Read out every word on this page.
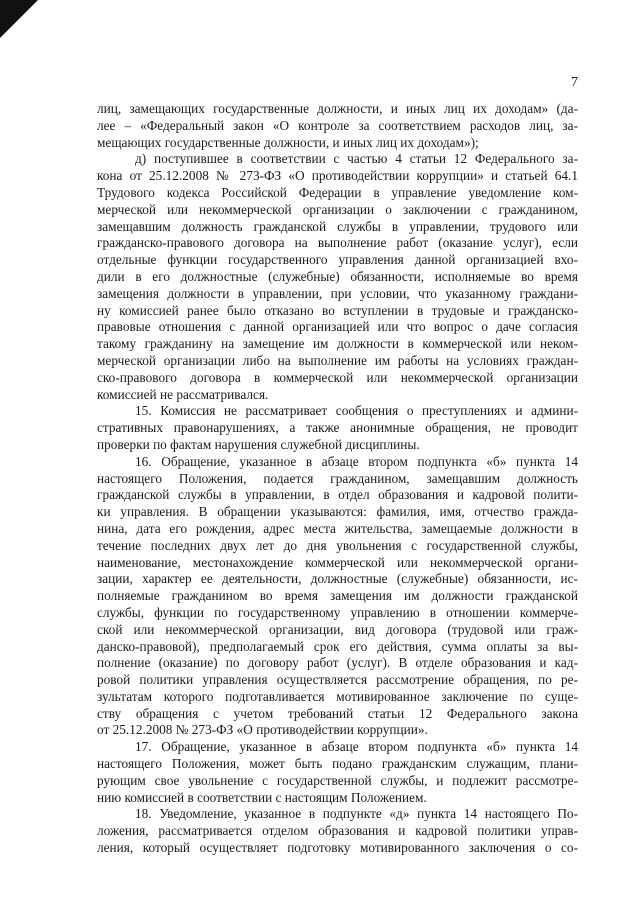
7
лиц, замещающих государственные должности, и иных лиц их доходам» (да-
лее – «Федеральный закон «О контроле за соответствием расходов лиц, за-
мещающих государственные должности, и иных лиц их доходам»);
д) поступившее в соответствии с частью 4 статьи 12 Федерального за-
кона от 25.12.2008 № 273-ФЗ «О противодействии коррупции» и статьей 64.1
Трудового кодекса Российской Федерации в управление уведомление ком-
мерческой или некоммерческой организации о заключении с гражданином,
замещавшим должность гражданской службы в управлении, трудового или
гражданско-правового договора на выполнение работ (оказание услуг), если
отдельные функции государственного управления данной организацией вхо-
дили в его должностные (служебные) обязанности, исполняемые во время
замещения должности в управлении, при условии, что указанному граждани-
ну комиссией ранее было отказано во вступлении в трудовые и гражданско-
правовые отношения с данной организацией или что вопрос о даче согласия
такому гражданину на замещение им должности в коммерческой или неком-
мерческой организации либо на выполнение им работы на условиях граждан-
ско-правового договора в коммерческой или некоммерческой организации
комиссией не рассматривался.
15. Комиссия не рассматривает сообщения о преступлениях и админи-
стративных правонарушениях, а также анонимные обращения, не проводит
проверки по фактам нарушения служебной дисциплины.
16. Обращение, указанное в абзаце втором подпункта «б» пункта 14
настоящего Положения, подается гражданином, замещавшим должность
гражданской службы в управлении, в отдел образования и кадровой полити-
ки управления. В обращении указываются: фамилия, имя, отчество гражда-
нина, дата его рождения, адрес места жительства, замещаемые должности в
течение последних двух лет до дня увольнения с государственной службы,
наименование, местонахождение коммерческой или некоммерческой органи-
зации, характер ее деятельности, должностные (служебные) обязанности, ис-
полняемые гражданином во время замещения им должности гражданской
службы, функции по государственному управлению в отношении коммерче-
ской или некоммерческой организации, вид договора (трудовой или граж-
данско-правовой), предполагаемый срок его действия, сумма оплаты за вы-
полнение (оказание) по договору работ (услуг). В отделе образования и кад-
ровой политики управления осуществляется рассмотрение обращения, по ре-
зультатам которого подготавливается мотивированное заключение по суще-
ству обращения с учетом требований статьи 12 Федерального закона
от 25.12.2008 № 273-ФЗ «О противодействии коррупции».
17. Обращение, указанное в абзаце втором подпункта «б» пункта 14
настоящего Положения, может быть подано гражданским служащим, плани-
рующим свое увольнение с государственной службы, и подлежит рассмотре-
нию комиссией в соответствии с настоящим Положением.
18. Уведомление, указанное в подпункте «д» пункта 14 настоящего По-
ложения, рассматривается отделом образования и кадровой политики управ-
ления, который осуществляет подготовку мотивированного заключения о со-
